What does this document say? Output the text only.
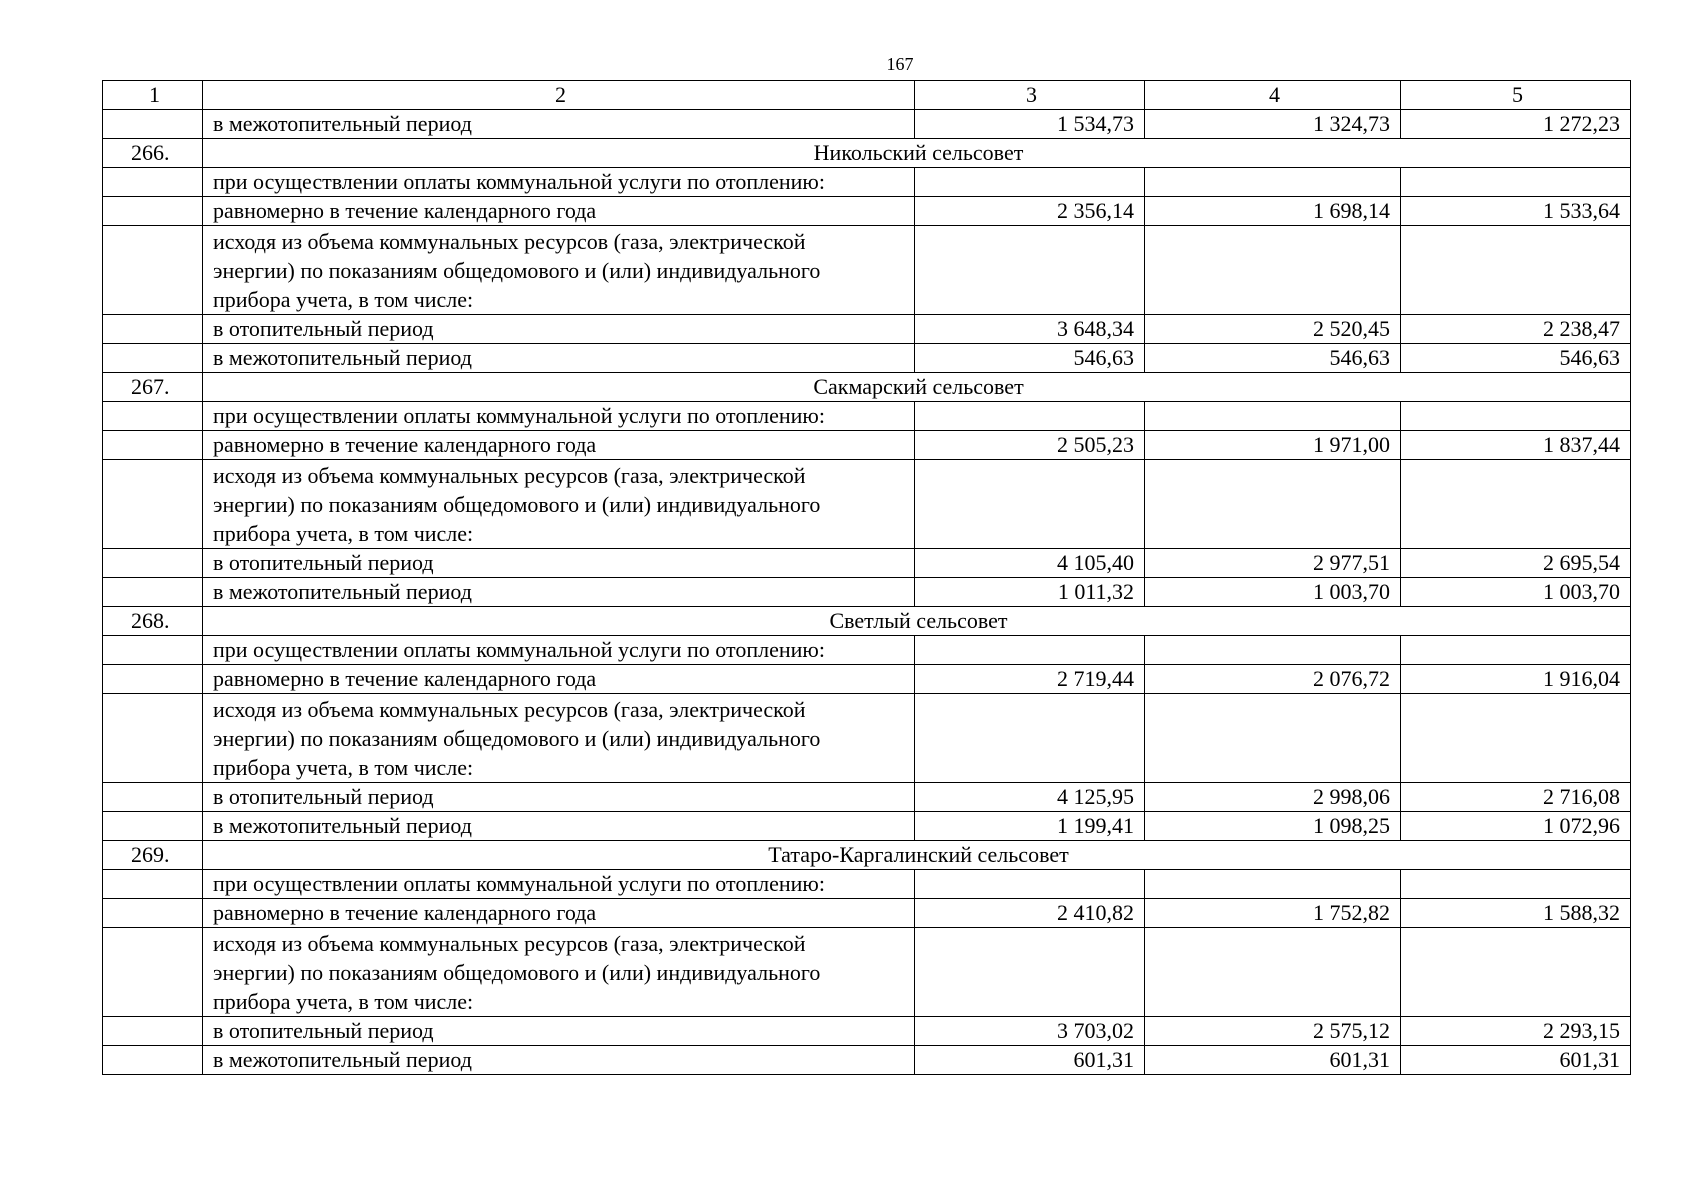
167
1	2	3	4	5
	в межотопительный период	1 534,73	1 324,73	1 272,23
266.	Никольский сельсовет			
	при осуществлении оплаты коммунальной услуги по отоплению:			
	равномерно в течение календарного года	2 356,14	1 698,14	1 533,64

	исходя из объема коммунальных ресурсов (газа, электрической
энергии) по показаниям общедомового и (или) индивидуального
прибора учета, в том числе:			

	в отопительный период	3 648,34	2 520,45	2 238,47
	в межотопительный период	546,63	546,63	546,63
267.	Сакмарский сельсовет			
	при осуществлении оплаты коммунальной услуги по отоплению:			
	равномерно в течение календарного года	2 505,23	1 971,00	1 837,44

	исходя из объема коммунальных ресурсов (газа, электрической
энергии) по показаниям общедомового и (или) индивидуального
прибора учета, в том числе:			

	в отопительный период	4 105,40	2 977,51	2 695,54
	в межотопительный период	1 011,32	1 003,70	1 003,70
268.	Светлый сельсовет			
	при осуществлении оплаты коммунальной услуги по отоплению:			
	равномерно в течение календарного года	2 719,44	2 076,72	1 916,04

	исходя из объема коммунальных ресурсов (газа, электрической
энергии) по показаниям общедомового и (или) индивидуального
прибора учета, в том числе:			

	в отопительный период	4 125,95	2 998,06	2 716,08
	в межотопительный период	1 199,41	1 098,25	1 072,96
269.	Татаро-Каргалинский сельсовет			
	при осуществлении оплаты коммунальной услуги по отоплению:			
	равномерно в течение календарного года	2 410,82	1 752,82	1 588,32

	исходя из объема коммунальных ресурсов (газа, электрической
энергии) по показаниям общедомового и (или) индивидуального
прибора учета, в том числе:			

	в отопительный период	3 703,02	2 575,12	2 293,15
	в межотопительный период	601,31	601,31	601,31
